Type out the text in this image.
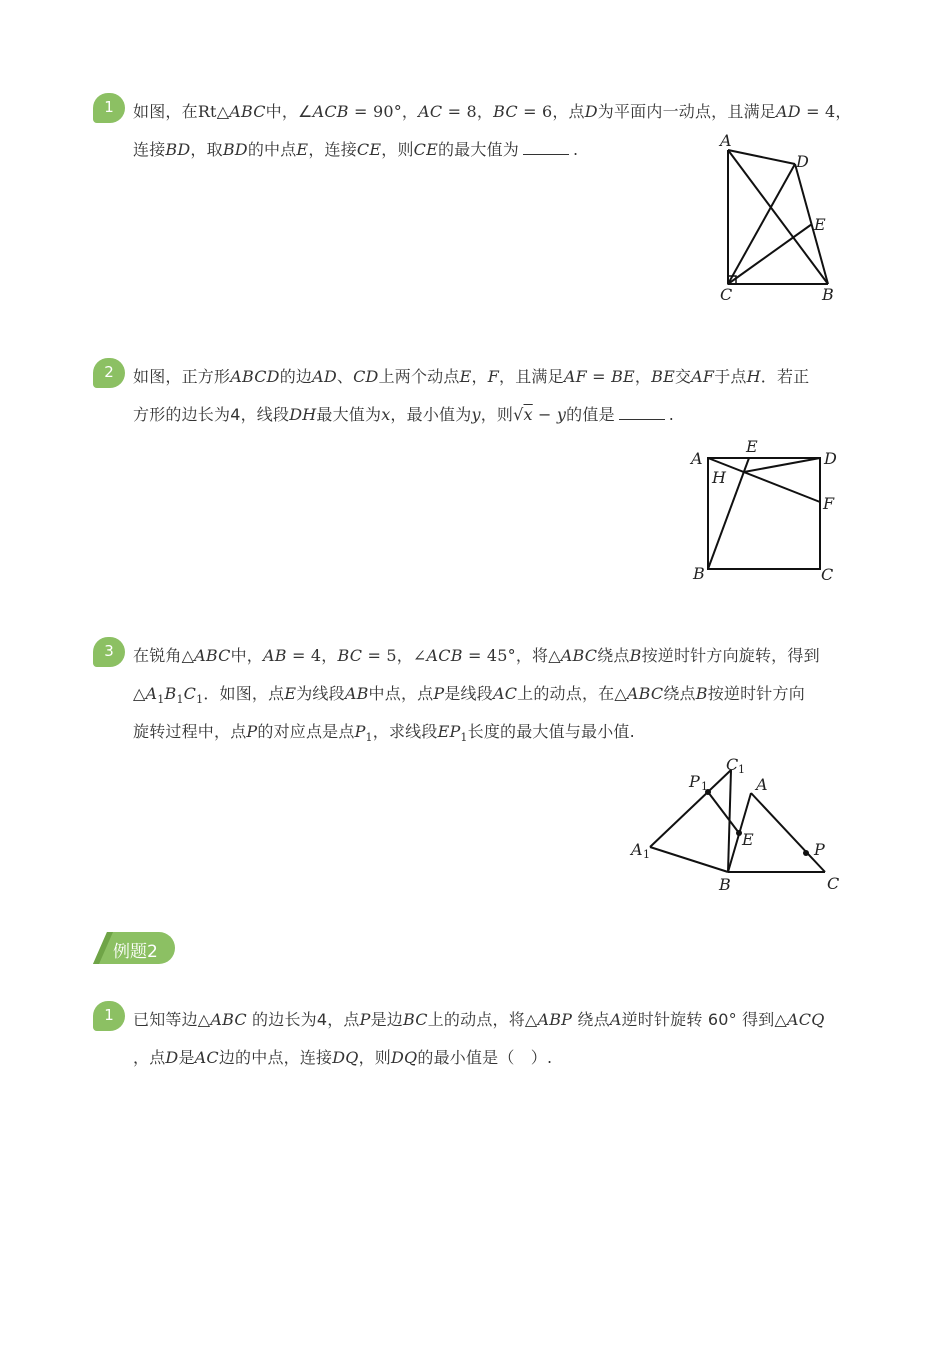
1	如图，在Rt△ABC中，∠ACB = 90°，AC = 8，BC = 6，点D为平面内一动点，且满足AD = 4，
连接BD，取BD的中点E，连接CE，则CE的最大值为	.	A
D
E
C	B
2	如图，正方形ABCD的边AD、CD上两个动点E，F，且满足AF = BE，BE交AF于点H．若正
方形的边长为4，线段DH最大值为x，最小值为y，则√x − y的值是	.
A
E
D
H
F
B	C
3	在锐角△ABC中，AB = 4，BC = 5，∠ACB = 45°，将△ABC绕点B按逆时针方向旋转，得到
$\triangle A_1B_1C_1$．如图，点E为线段AB中点，点P是线段AC上的动点，在△ABC绕点B按逆时针方向
旋转过程中，点P的对应点是点$P_1$，求线段$EP_1$长度的最大值与最小值.
C 1
P 1	A
E
A 1	P
B	C
例题2
1	已知等边△ABC 的边长为4，点P是边BC上的动点，将△ABP 绕点A逆时针旋转 60° 得到△ACQ
，点D是AC边的中点，连接DQ，则DQ的最小值是（　）.
